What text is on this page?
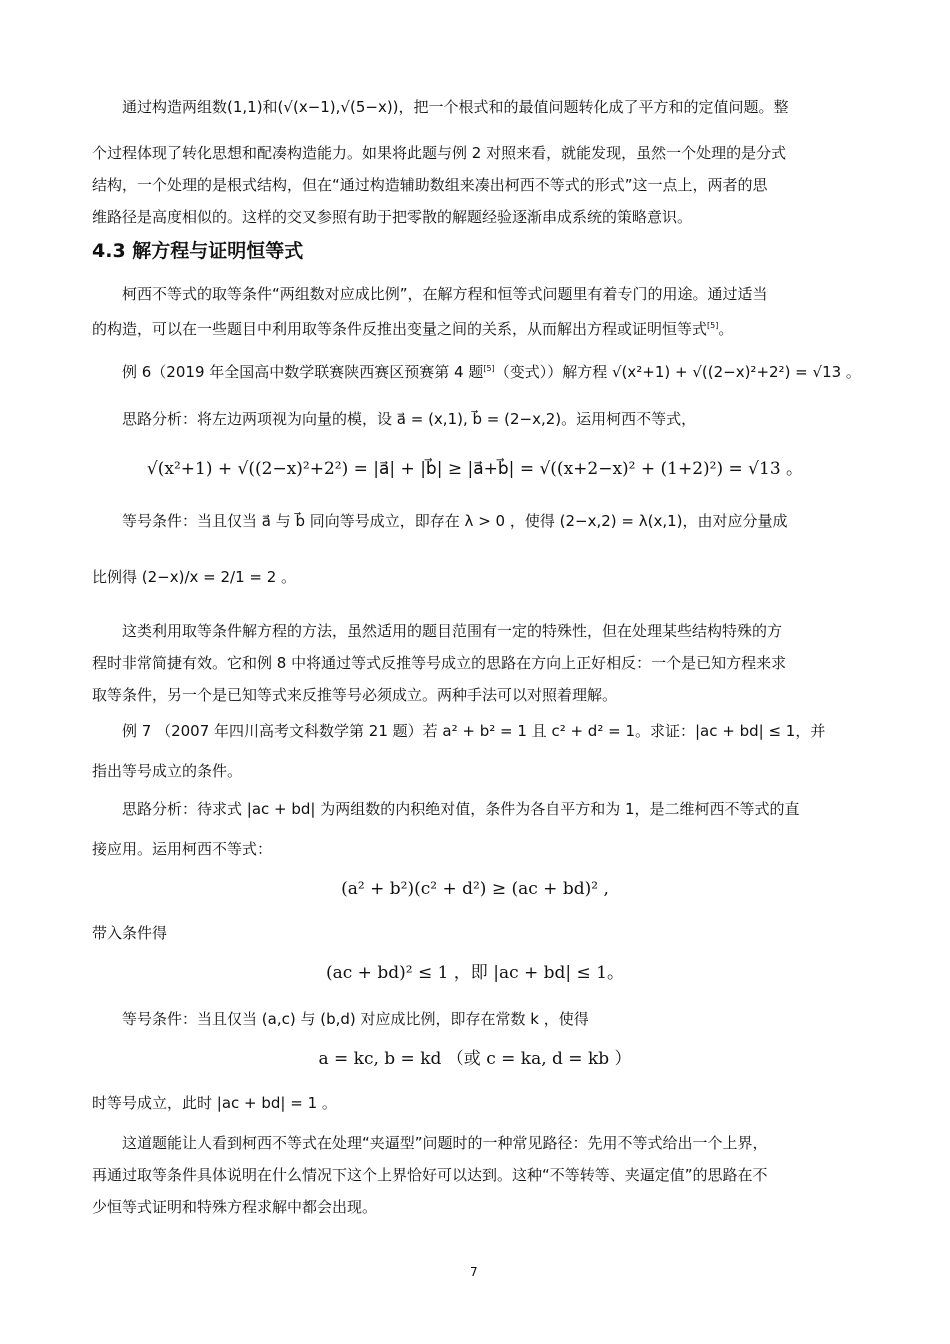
通过构造两组数(1,1)和(√(x−1),√(5−x))，把一个根式和的最值问题转化成了平方和的定值问题。整
个过程体现了转化思想和配凑构造能力。如果将此题与例 2 对照来看，就能发现，虽然一个处理的是分式
结构，一个处理的是根式结构，但在“通过构造辅助数组来凑出柯西不等式的形式”这一点上，两者的思
维路径是高度相似的。这样的交叉参照有助于把零散的解题经验逐渐串成系统的策略意识。
4.3 解方程与证明恒等式
柯西不等式的取等条件“两组数对应成比例”，在解方程和恒等式问题里有着专门的用途。通过适当
的构造，可以在一些题目中利用取等条件反推出变量之间的关系，从而解出方程或证明恒等式[5]。
例 6（2019 年全国高中数学联赛陕西赛区预赛第 4 题[5]（变式））解方程 √(x²+1) + √((2−x)²+2²) = √13 。
思路分析：将左边两项视为向量的模，设 a⃗ = (x,1), b⃗ = (2−x,2)。运用柯西不等式，
√(x²+1) + √((2−x)²+2²) = |a⃗| + |b⃗| ≥ |a⃗+b⃗| = √((x+2−x)² + (1+2)²) = √13 。
等号条件：当且仅当 a⃗ 与 b⃗ 同向等号成立，即存在 λ > 0 ，使得 (2−x,2) = λ(x,1)，由对应分量成
比例得 (2−x)/x = 2/1 = 2 。
这类利用取等条件解方程的方法，虽然适用的题目范围有一定的特殊性，但在处理某些结构特殊的方
程时非常简捷有效。它和例 8 中将通过等式反推等号成立的思路在方向上正好相反：一个是已知方程来求
取等条件，另一个是已知等式来反推等号必须成立。两种手法可以对照着理解。
例 7 （2007 年四川高考文科数学第 21 题）若 a² + b² = 1 且 c² + d² = 1。求证：|ac + bd| ≤ 1，并
指出等号成立的条件。
思路分析：待求式 |ac + bd| 为两组数的内积绝对值，条件为各自平方和为 1，是二维柯西不等式的直
接应用。运用柯西不等式：
(a² + b²)(c² + d²) ≥ (ac + bd)² ,
带入条件得
(ac + bd)² ≤ 1 ，即 |ac + bd| ≤ 1。
等号条件：当且仅当 (a,c) 与 (b,d) 对应成比例，即存在常数 k ，使得
a = kc, b = kd （或 c = ka, d = kb ）
时等号成立，此时 |ac + bd| = 1 。
这道题能让人看到柯西不等式在处理“夹逼型”问题时的一种常见路径：先用不等式给出一个上界，
再通过取等条件具体说明在什么情况下这个上界恰好可以达到。这种“不等转等、夹逼定值”的思路在不
少恒等式证明和特殊方程求解中都会出现。
7
